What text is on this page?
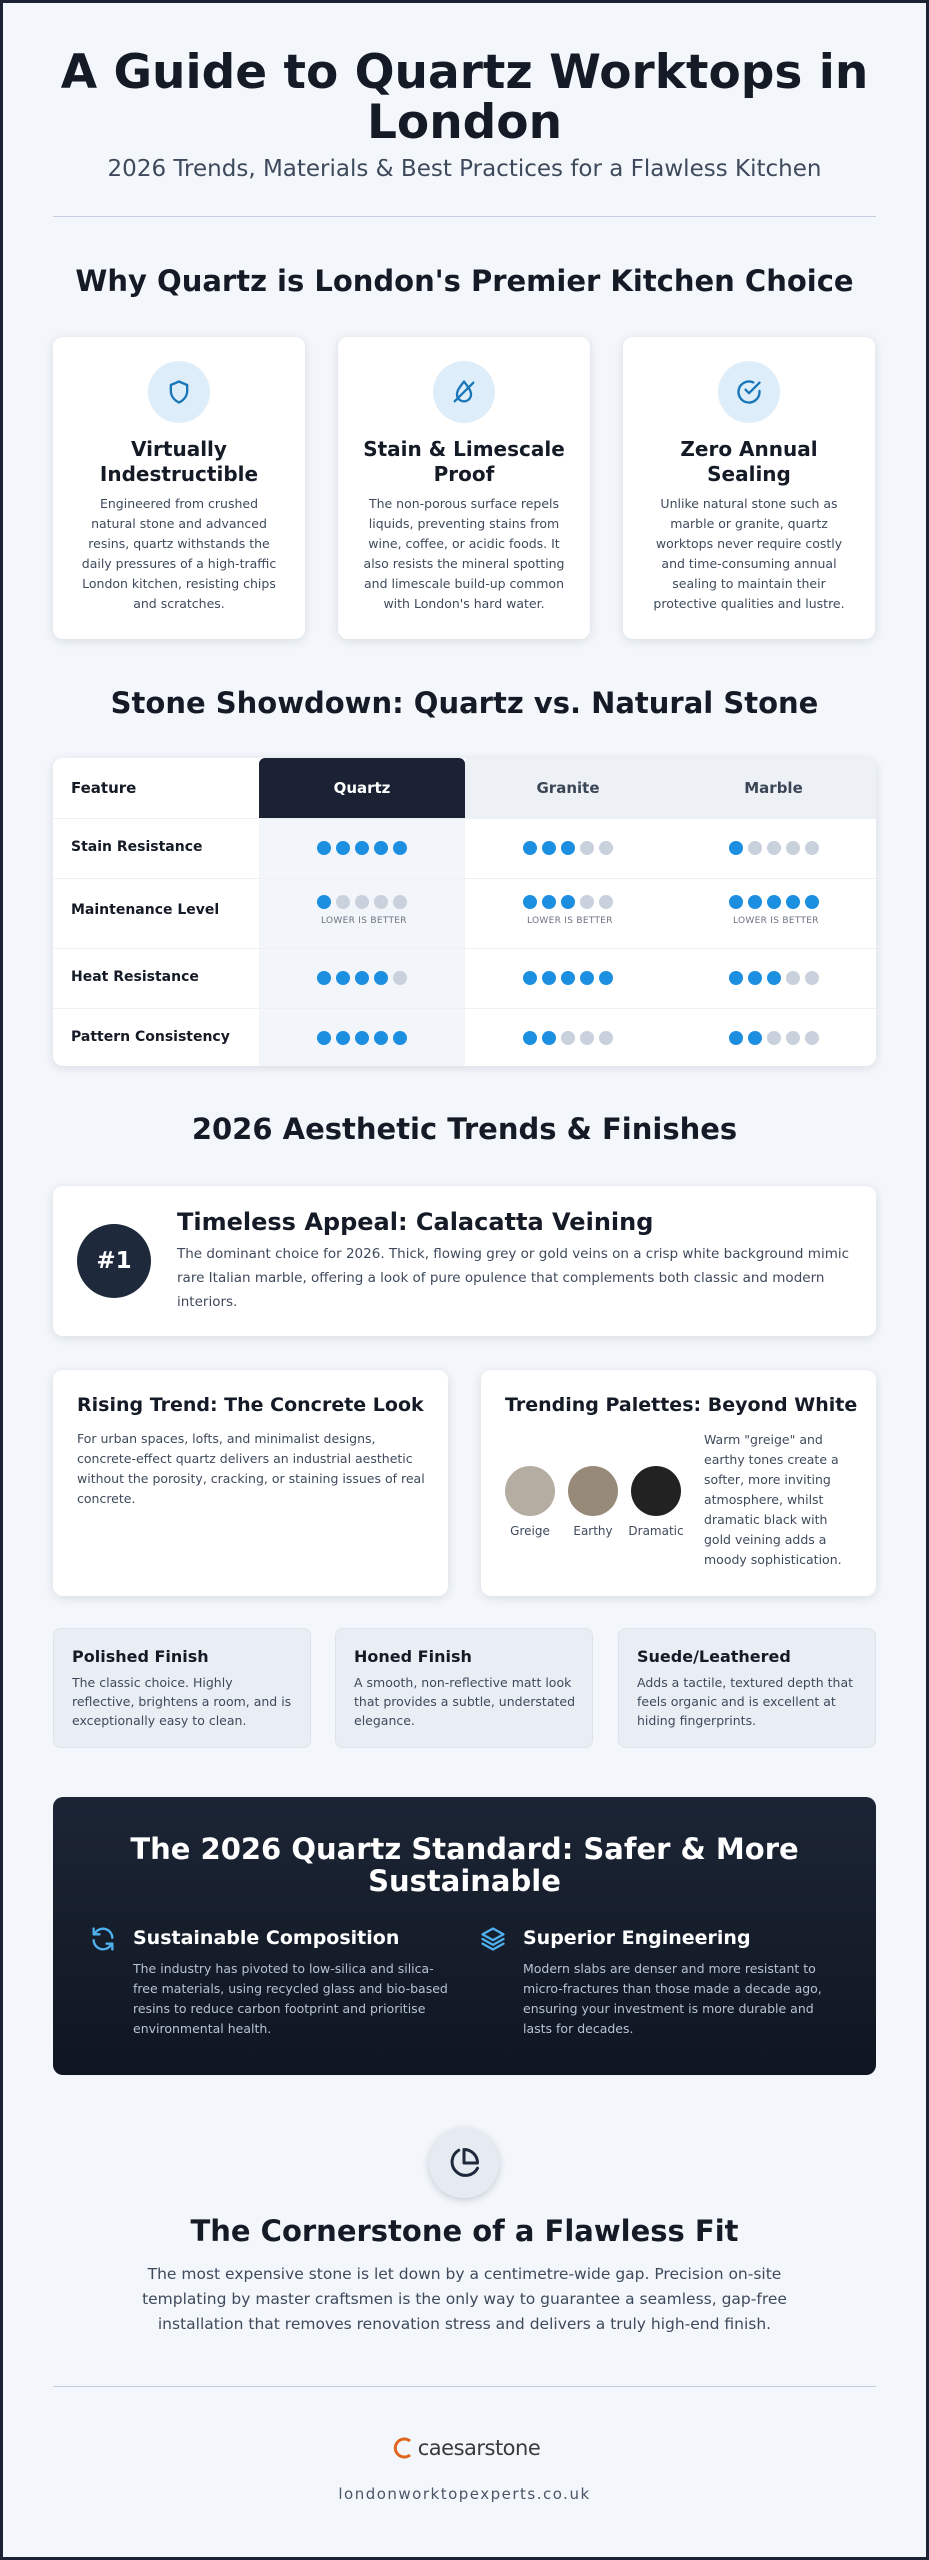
A Guide to Quartz Worktops in London
2026 Trends, Materials & Best Practices for a Flawless Kitchen
Why Quartz is London's Premier Kitchen Choice
Virtually Indestructible
Engineered from crushed natural stone and advanced resins, quartz withstands the daily pressures of a high-traffic London kitchen, resisting chips and scratches.
Stain & Limescale Proof
The non-porous surface repels liquids, preventing stains from wine, coffee, or acidic foods. It also resists the mineral spotting and limescale build-up common with London's hard water.
Zero Annual Sealing
Unlike natural stone such as marble or granite, quartz worktops never require costly and time-consuming annual sealing to maintain their protective qualities and lustre.
Stone Showdown: Quartz vs. Natural Stone
Feature	Quartz	Granite	Marble
Stain Resistance
Maintenance Level
LOWER IS BETTER	LOWER IS BETTER	LOWER IS BETTER
Heat Resistance
Pattern Consistency
2026 Aesthetic Trends & Finishes
#1
Timeless Appeal: Calacatta Veining
The dominant choice for 2026. Thick, flowing grey or gold veins on a crisp white background mimic rare Italian marble, offering a look of pure opulence that complements both classic and modern interiors.
Rising Trend: The Concrete Look
For urban spaces, lofts, and minimalist designs, concrete-effect quartz delivers an industrial aesthetic without the porosity, cracking, or staining issues of real concrete.
Trending Palettes: Beyond White
Greige	Earthy	Dramatic
Warm "greige" and earthy tones create a softer, more inviting atmosphere, whilst dramatic black with gold veining adds a moody sophistication.
Polished Finish
The classic choice. Highly reflective, brightens a room, and is exceptionally easy to clean.
Honed Finish
A smooth, non-reflective matt look that provides a subtle, understated elegance.
Suede/Leathered
Adds a tactile, textured depth that feels organic and is excellent at hiding fingerprints.
The 2026 Quartz Standard: Safer & More Sustainable
Sustainable Composition
The industry has pivoted to low-silica and silica-free materials, using recycled glass and bio-based resins to reduce carbon footprint and prioritise environmental health.
Superior Engineering
Modern slabs are denser and more resistant to micro-fractures than those made a decade ago, ensuring your investment is more durable and lasts for decades.
The Cornerstone of a Flawless Fit
The most expensive stone is let down by a centimetre-wide gap. Precision on-site templating by master craftsmen is the only way to guarantee a seamless, gap-free installation that removes renovation stress and delivers a truly high-end finish.
caesarstone
londonworktopexperts.co.uk
